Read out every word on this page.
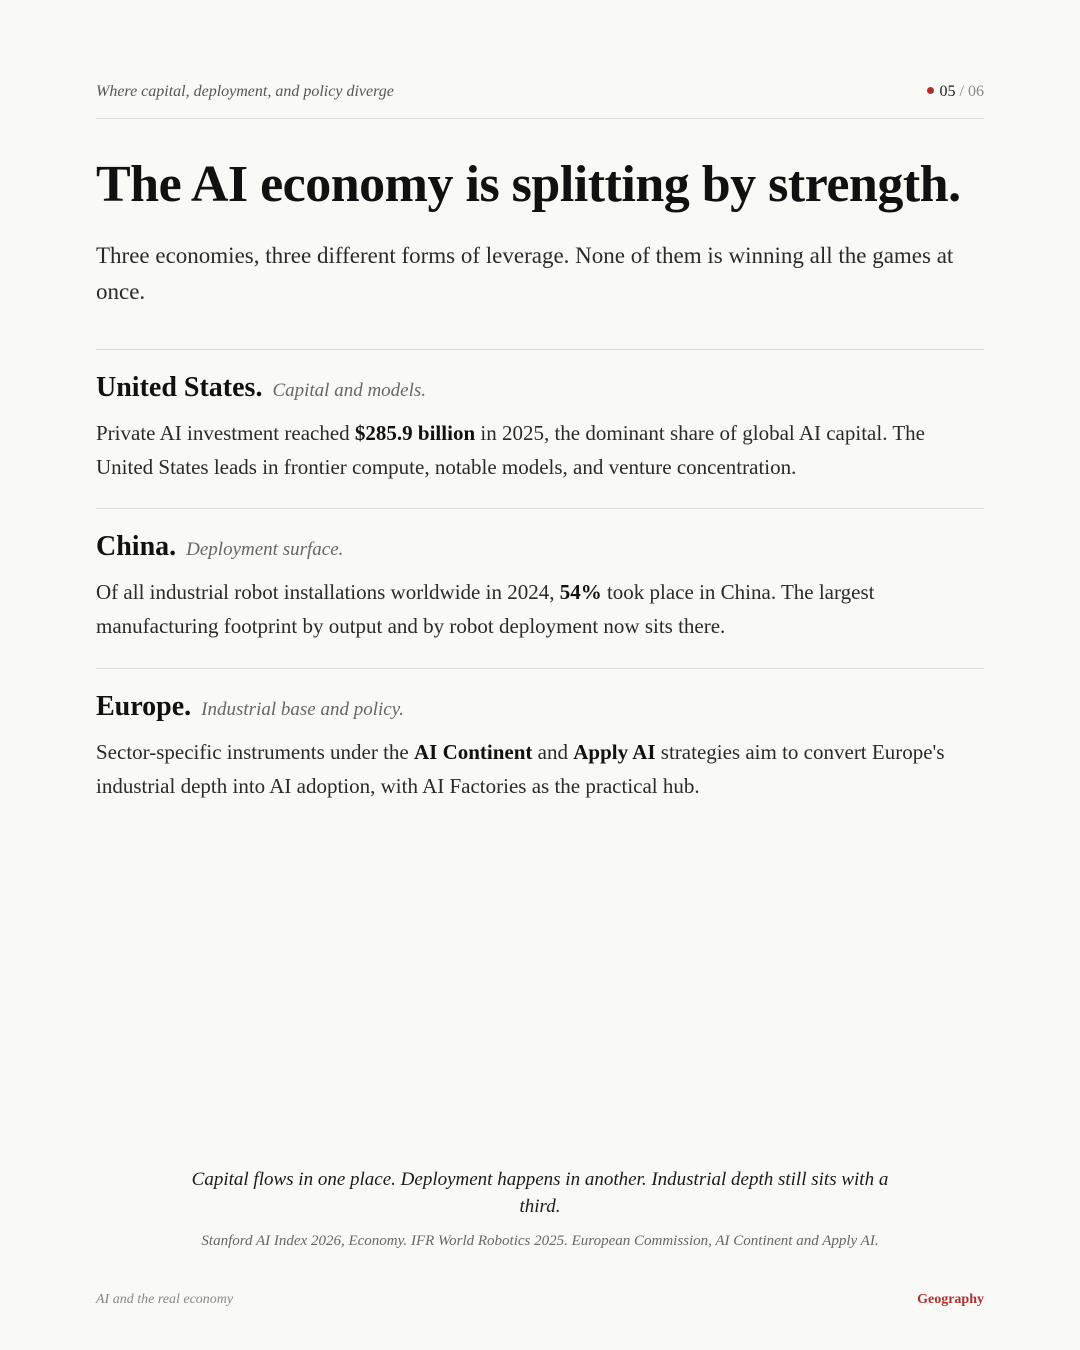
Where capital, deployment, and policy diverge	05 / 06
The AI economy is splitting by strength.

Three economies, three different forms of leverage. None of them is winning all the games at once.

United States. Capital and models.

Private AI investment reached $285.9 billion in 2025, the dominant share of global AI capital. The United States leads in frontier compute, notable models, and venture concentration.

China. Deployment surface.

Of all industrial robot installations worldwide in 2024, 54% took place in China. The largest manufacturing footprint by output and by robot deployment now sits there.

Europe. Industrial base and policy.

Sector-specific instruments under the AI Continent and Apply AI strategies aim to convert Europe's industrial depth into AI adoption, with AI Factories as the practical hub.

Capital flows in one place. Deployment happens in another. Industrial depth still sits with a third.

Stanford AI Index 2026, Economy. IFR World Robotics 2025. European Commission, AI Continent and Apply AI.

AI and the real economy	Geography
